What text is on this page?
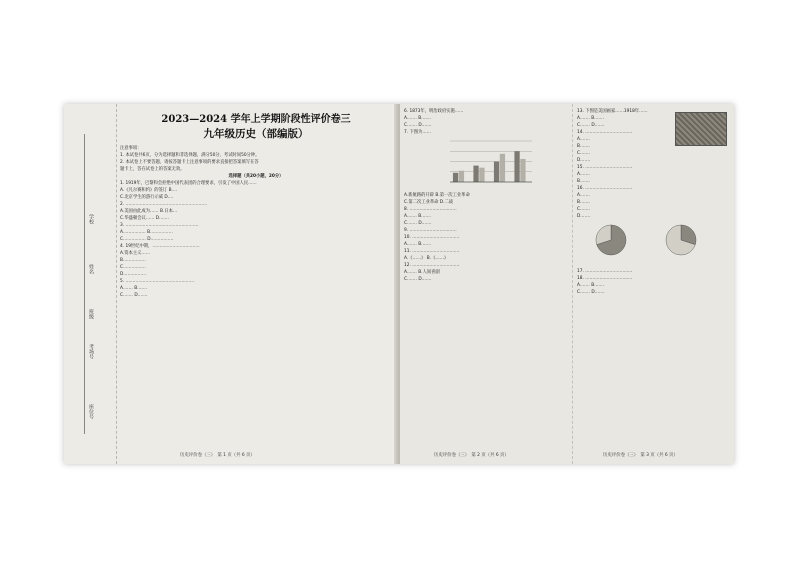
学校
姓名
班级
考场号
座位号
2023—2024 学年上学期阶段性评价卷三
九年级历史（部编版）
注意事项：
1. 本试卷共6页，分为选择题和非选择题，满分50分，考试时间50分钟。
2. 本试卷上不要答题，请按答题卡上注意事项的要求直接把答案填写在答
题卡上，答在试卷上的答案无效。
选择题（共20小题，20分）
1. 1919年，巴黎和会拒绝中国代表团的合理要求，引发了中国人民……
A.《凡尔赛和约》的签订 B.…
C.北京学生的游行示威 D.…
2. …………………………………………………
A.美国由此成为…… B.日本…
C.华盛顿会议…… D.……
3. ……………………………………………
A.…………… B.……………
C.…………… D.……………
4. 19世纪中期，……………………………
A.资本主义……
B.……………
C.……………
D.……………
5. …………………………………………
A.…… B.……
C.…… D.……
历史评价卷（三）　第 1 页（共 6 页）
6. 1873年，明治政府实施……
A.…… B.……
C.…… D.……
7. 下图为……
A.新航路的开辟 B.第一次工业革命
C.第二次工业革命 D.二战
8. ……………………………
A.…… B.……
C.…… D.……
9. ……………………………
10. ……………………………
A.…… B.……
11. ……………………………
A.《……》 B.《……》
12. ……………………………
A.…… B.人间喜剧
C.…… D.……
历史评价卷（三）　第 2 页（共 6 页）
13. 下图是美国画家……1918年……
A.…… B.……
C.…… D.……
14. ……………………………
A.……
B.……
C.……
D.……
15. ……………………………
A.……
B.……
16. ……………………………
A.……
B.……
C.……
D.……
17. ……………………………
18. ……………………………
A.…… B.……
C.…… D.……
历史评价卷（三）　第 3 页（共 6 页）
